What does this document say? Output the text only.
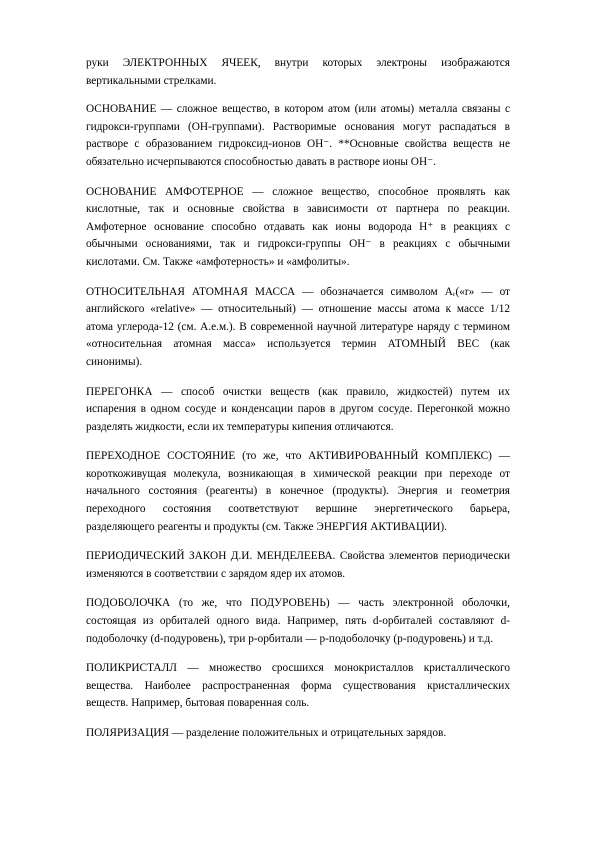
руки ЭЛЕКТРОННЫХ ЯЧЕЕК, внутри которых электроны изображаются вертикальными стрелками.

ОСНОВАНИЕ — сложное вещество, в котором атом (или атомы) металла связаны с гидрокси-группами (ОН-группами). Растворимые основания могут распадаться в растворе с образованием гидроксид-ионов ОН⁻. **Основные свойства веществ не обязательно исчерпываются способностью давать в растворе ионы ОН⁻.

ОСНОВАНИЕ АМФОТЕРНОЕ — сложное вещество, способное проявлять как кислотные, так и основные свойства в зависимости от партнера по реакции. Амфотерное основание способно отдавать как ионы водорода Н⁺ в реакциях с обычными основаниями, так и гидрокси-группы ОН⁻ в реакциях с обычными кислотами. См. Также «амфотерность» и «амфолиты».

ОТНОСИТЕЛЬНАЯ АТОМНАЯ МАССА — обозначается символом Aᵣ(«r» — от английского «relative» — относительный) — отношение массы атома к массе 1/12 атома углерода-12 (см. А.е.м.). В современной научной литературе наряду с термином «относительная атомная масса» используется термин АТОМНЫЙ ВЕС (как синонимы).

ПЕРЕГОНКА — способ очистки веществ (как правило, жидкостей) путем их испарения в одном сосуде и конденсации паров в другом сосуде. Перегонкой можно разделять жидкости, если их температуры кипения отличаются.

ПЕРЕХОДНОЕ СОСТОЯНИЕ (то же, что АКТИВИРОВАННЫЙ КОМПЛЕКС) — короткоживущая молекула, возникающая в химической реакции при переходе от начального состояния (реагенты) в конечное (продукты). Энергия и геометрия переходного состояния соответствуют вершине энергетического барьера, разделяющего реагенты и продукты (см. Также ЭНЕРГИЯ АКТИВАЦИИ).

ПЕРИОДИЧЕСКИЙ ЗАКОН Д.И. МЕНДЕЛЕЕВА. Свойства элементов периодически изменяются в соответствии с зарядом ядер их атомов.

ПОДОБОЛОЧКА (то же, что ПОДУРОВЕНЬ) — часть электронной оболочки, состоящая из орбиталей одного вида. Например, пять d-орбиталей составляют d-подоболочку (d-подуровень), три p-орбитали — p-подоболочку (p-подуровень) и т.д.

ПОЛИКРИСТАЛЛ — множество сросшихся монокристаллов кристаллического вещества. Наиболее распространенная форма существования кристаллических веществ. Например, бытовая поваренная соль.

ПОЛЯРИЗАЦИЯ — разделение положительных и отрицательных зарядов.
